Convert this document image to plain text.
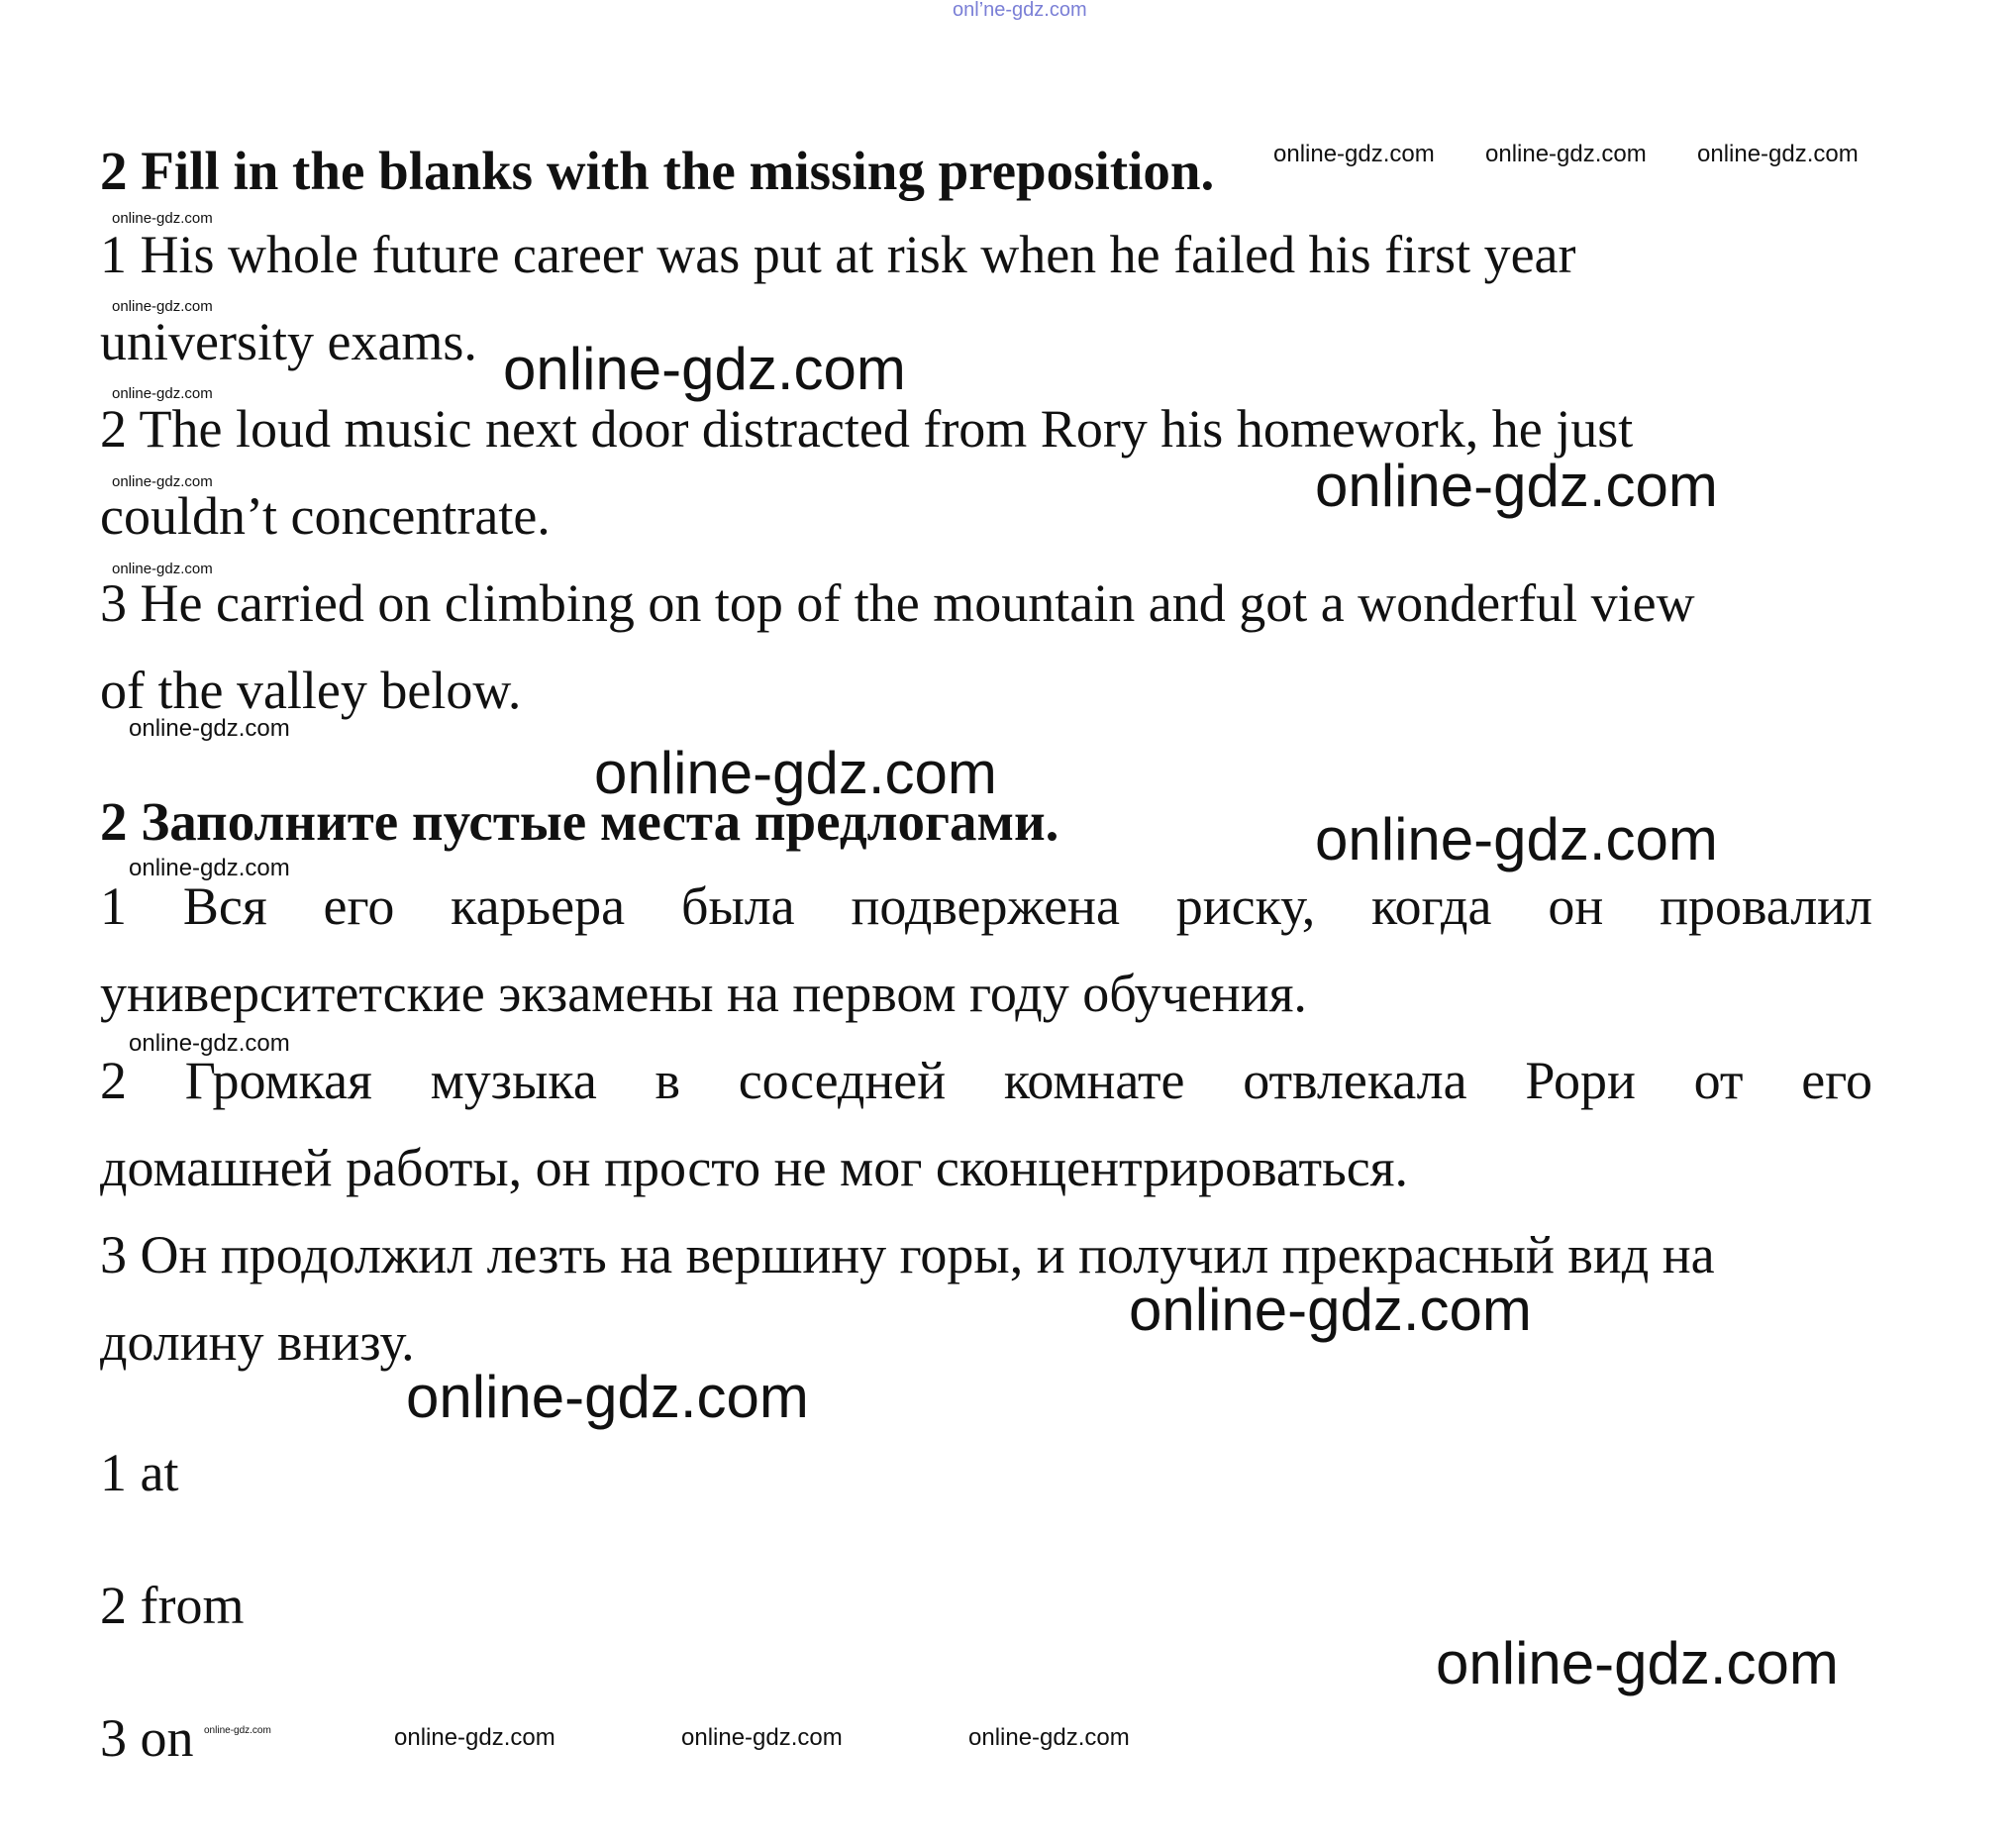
onl’ne-gdz.com
2 Fill in the blanks with the missing preposition. online-gdz.com online-gdz.com online-gdz.com
online-gdz.com
1 His whole future career was put at risk when he failed his first year
online-gdz.com
university exams. online-gdz.com
online-gdz.com
2 The loud music next door distracted from Rory his homework, he just
online-gdz.com	online-gdz.com
couldn’t concentrate.
online-gdz.com
3 He carried on climbing on top of the mountain and got a wonderful view
of the valley below.
online-gdz.com
online-gdz.com
2 Заполните пустые места предлогами.	online-gdz.com
online-gdz.com
1 Вся его карьера была подвержена риску, когда он провалил
университетские экзамены на первом году обучения.
online-gdz.com
2 Громкая музыка в соседней комнате отвлекала Рори от его
домашней работы, он просто не мог сконцентрироваться.
3 Он продолжил лезть на вершину горы, и получил прекрасный вид на
online-gdz.com
долину внизу.
online-gdz.com
1 at
2 from
online-gdz.com
3 on online-gdz.com	online-gdz.com	online-gdz.com	online-gdz.com
